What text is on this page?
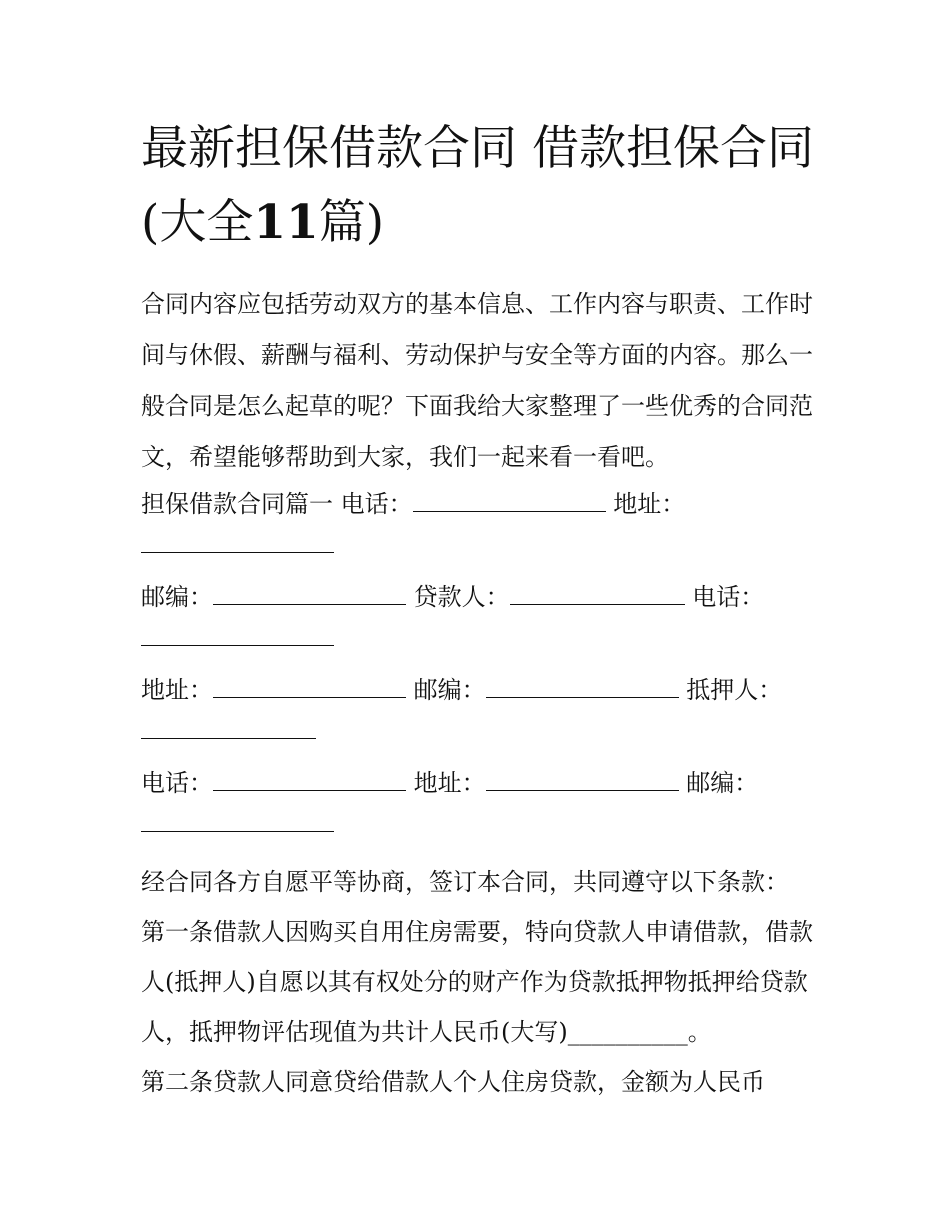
最新担保借款合同 借款担保合同(大全11篇)

合同内容应包括劳动双方的基本信息、工作内容与职责、工作时间与休假、薪酬与福利、劳动保护与安全等方面的内容。那么一般合同是怎么起草的呢？下面我给大家整理了一些优秀的合同范文，希望能够帮助到大家，我们一起来看一看吧。

担保借款合同篇一 电话：	地址：
邮编：	贷款人：	电话：
地址：	邮编：	抵押人：
电话：	地址：	邮编：

经合同各方自愿平等协商，签订本合同，共同遵守以下条款：

第一条借款人因购买自用住房需要，特向贷款人申请借款，借款人(抵押人)自愿以其有权处分的财产作为贷款抵押物抵押给贷款人，抵押物评估现值为共计人民币(大写)__________。

第二条贷款人同意贷给借款人个人住房贷款，金额为人民币
